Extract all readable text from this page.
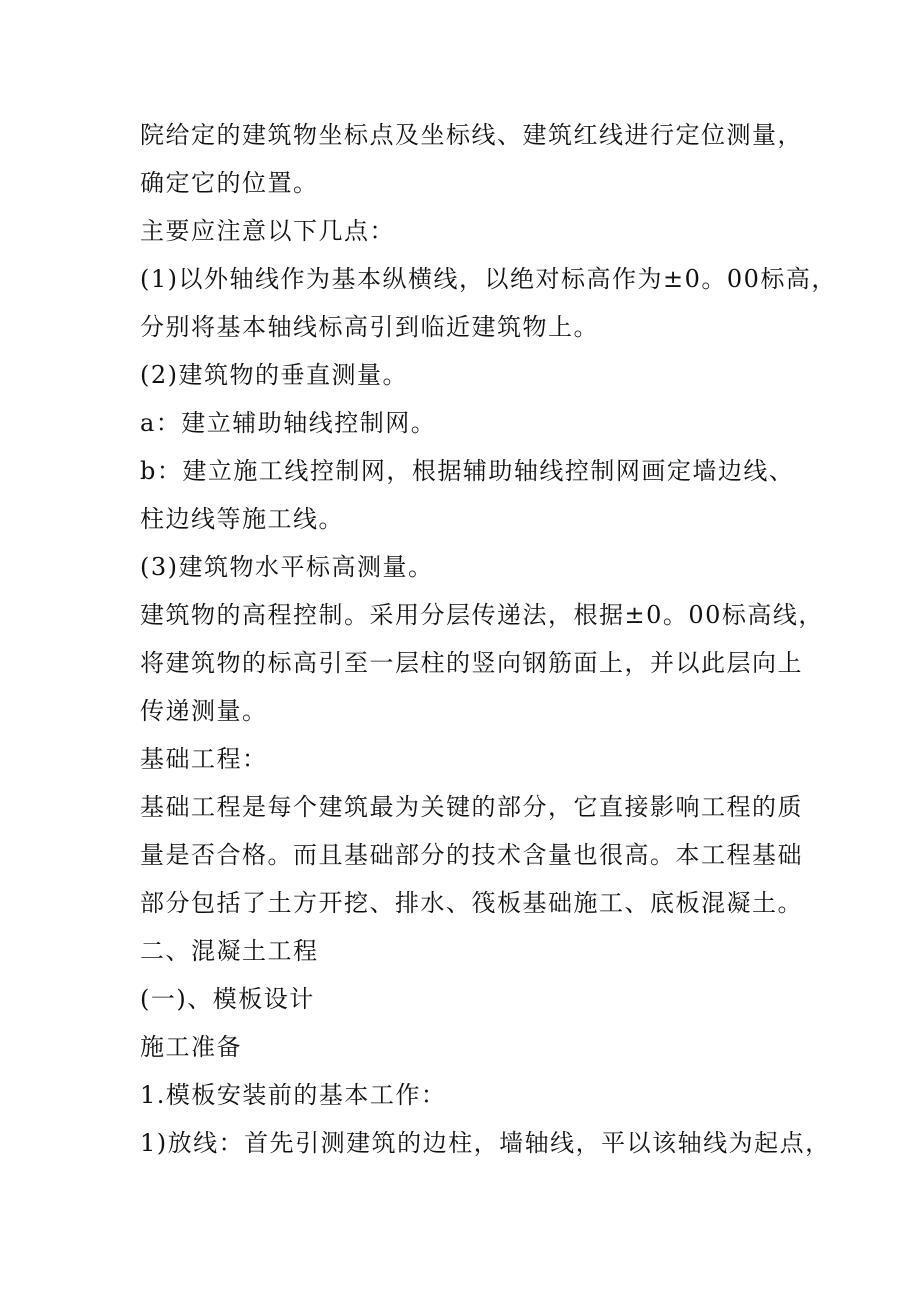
院给定的建筑物坐标点及坐标线、建筑红线进行定位测量，
确定它的位置。
主要应注意以下几点：
(1)以外轴线作为基本纵横线，以绝对标高作为±0。00标高，
分别将基本轴线标高引到临近建筑物上。
(2)建筑物的垂直测量。
a：建立辅助轴线控制网。
b：建立施工线控制网，根据辅助轴线控制网画定墙边线、
柱边线等施工线。
(3)建筑物水平标高测量。
建筑物的高程控制。采用分层传递法，根据±0。00标高线，
将建筑物的标高引至一层柱的竖向钢筋面上，并以此层向上
传递测量。
基础工程：
基础工程是每个建筑最为关键的部分，它直接影响工程的质
量是否合格。而且基础部分的技术含量也很高。本工程基础
部分包括了土方开挖、排水、筏板基础施工、底板混凝土。
二、混凝土工程
(一)、模板设计
施工准备
1.模板安装前的基本工作：
1)放线：首先引测建筑的边柱，墙轴线，平以该轴线为起点，
